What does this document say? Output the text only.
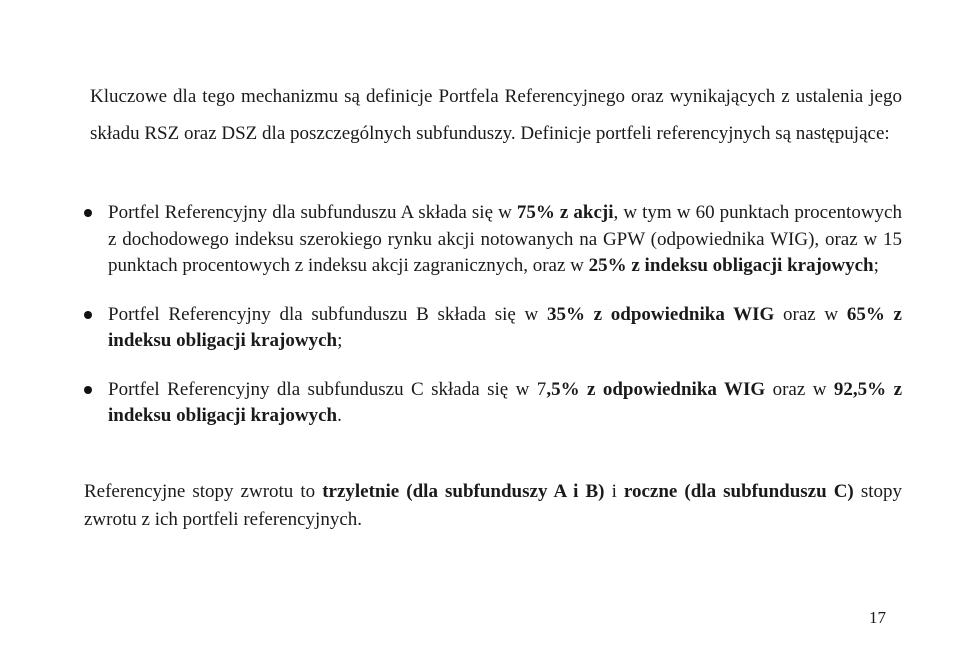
Kluczowe dla tego mechanizmu są definicje Portfela Referencyjnego oraz wynikających z ustalenia jego składu RSZ oraz DSZ dla poszczególnych subfunduszy. Definicje portfeli referencyjnych są następujące:

Portfel Referencyjny dla subfunduszu A składa się w 75% z akcji, w tym w 60 punktach procentowych z dochodowego indeksu szerokiego rynku akcji notowanych na GPW (odpowiednika WIG), oraz w 15 punktach procentowych z indeksu akcji zagranicznych, oraz w 25% z indeksu obligacji krajowych;
Portfel Referencyjny dla subfunduszu B składa się w 35% z odpowiednika WIG oraz w 65% z indeksu obligacji krajowych;
Portfel Referencyjny dla subfunduszu C składa się w 7,5% z odpowiednika WIG oraz w 92,5% z indeksu obligacji krajowych.

Referencyjne stopy zwrotu to trzyletnie (dla subfunduszy A i B) i roczne (dla subfunduszu C) stopy zwrotu z ich portfeli referencyjnych.

17
